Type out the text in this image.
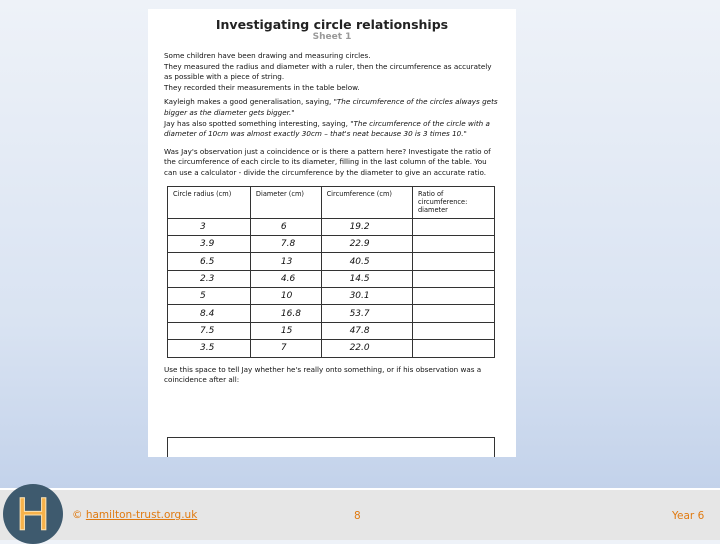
Investigating circle relationships
Sheet 1

Some children have been drawing and measuring circles.
They measured the radius and diameter with a ruler, then the circumference as accurately as possible with a piece of string.
They recorded their measurements in the table below.

Kayleigh makes a good generalisation, saying, "The circumference of the circles always gets bigger as the diameter gets bigger."
Jay has also spotted something interesting, saying, "The circumference of the circle with a diameter of 10cm was almost exactly 30cm – that's neat because 30 is 3 times 10."

Was Jay's observation just a coincidence or is there a pattern here? Investigate the ratio of the circumference of each circle to its diameter, filling in the last column of the table. You can use a calculator - divide the circumference by the diameter to give an accurate ratio.

Circle radius (cm)	Diameter (cm)	Circumference (cm)	Ratio of circumference: diameter
3	6	19.2	
3.9	7.8	22.9	
6.5	13	40.5	
2.3	4.6	14.5	
5	10	30.1	
8.4	16.8	53.7	
7.5	15	47.8	
3.5	7	22.0	

Use this space to tell Jay whether he's really onto something, or if his observation was a coincidence after all:

H © hamilton-trust.org.uk	8	Year 6
